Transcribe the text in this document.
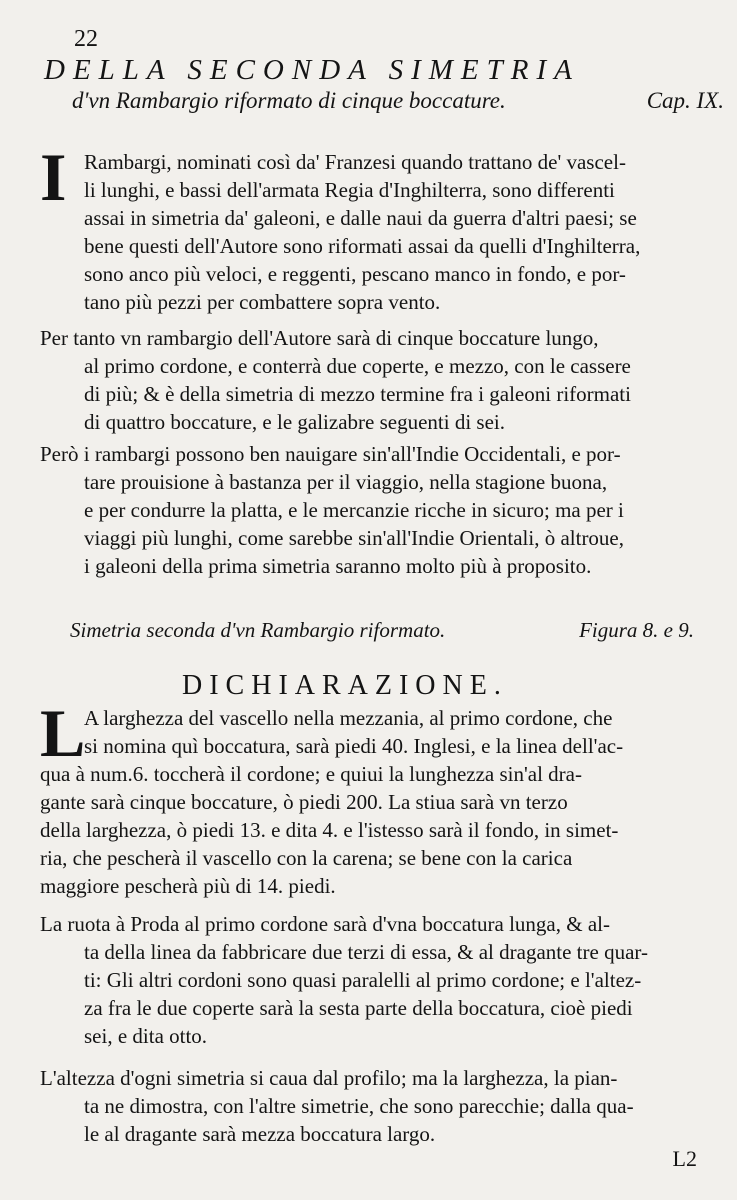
22
DELLA SECONDA SIMETRIA
d'vn Rambargio riformato di cinque boccature.	Cap. IX.
I Rambargi, nominati così da' Franzesi quando trattano de' vascel-
li lunghi, e bassi dell'armata Regia d'Inghilterra, sono differenti
assai in simetria da' galeoni, e dalle naui da guerra d'altri paesi; se
bene questi dell'Autore sono riformati assai da quelli d'Inghilterra,
sono anco più veloci, e reggenti, pescano manco in fondo, e por-
tano più pezzi per combattere sopra vento.
Per tanto vn rambargio dell'Autore sarà di cinque boccature lungo,
al primo cordone, e conterrà due coperte, e mezzo, con le cassere
di più; & è della simetria di mezzo termine fra i galeoni riformati
di quattro boccature, e le galizabre seguenti di sei.
Però i rambargi possono ben nauigare sin'all'Indie Occidentali, e por-
tare prouisione à bastanza per il viaggio, nella stagione buona,
e per condurre la platta, e le mercanzie ricche in sicuro; ma per i
viaggi più lunghi, come sarebbe sin'all'Indie Orientali, ò altroue,
i galeoni della prima simetria saranno molto più à proposito.
Simetria seconda d'vn Rambargio riformato.	Figura 8. e 9.
DICHIARAZIONE.
L
A larghezza del vascello nella mezzania, al primo cordone, che
si nomina quì boccatura, sarà piedi 40. Inglesi, e la linea dell'ac-
qua à num.6. toccherà il cordone; e quiui la lunghezza sin'al dra-
gante sarà cinque boccature, ò piedi 200. La stiua sarà vn terzo
della larghezza, ò piedi 13. e dita 4. e l'istesso sarà il fondo, in simet-
ria, che pescherà il vascello con la carena; se bene con la carica
maggiore pescherà più di 14. piedi.
La ruota à Proda al primo cordone sarà d'vna boccatura lunga, & al-
ta della linea da fabbricare due terzi di essa, & al dragante tre quar-
ti: Gli altri cordoni sono quasi paralelli al primo cordone; e l'altez-
za fra le due coperte sarà la sesta parte della boccatura, cioè piedi
sei, e dita otto.
L'altezza d'ogni simetria si caua dal profilo; ma la larghezza, la pian-
ta ne dimostra, con l'altre simetrie, che sono parecchie; dalla qua-
le al dragante sarà mezza boccatura largo.
L2
